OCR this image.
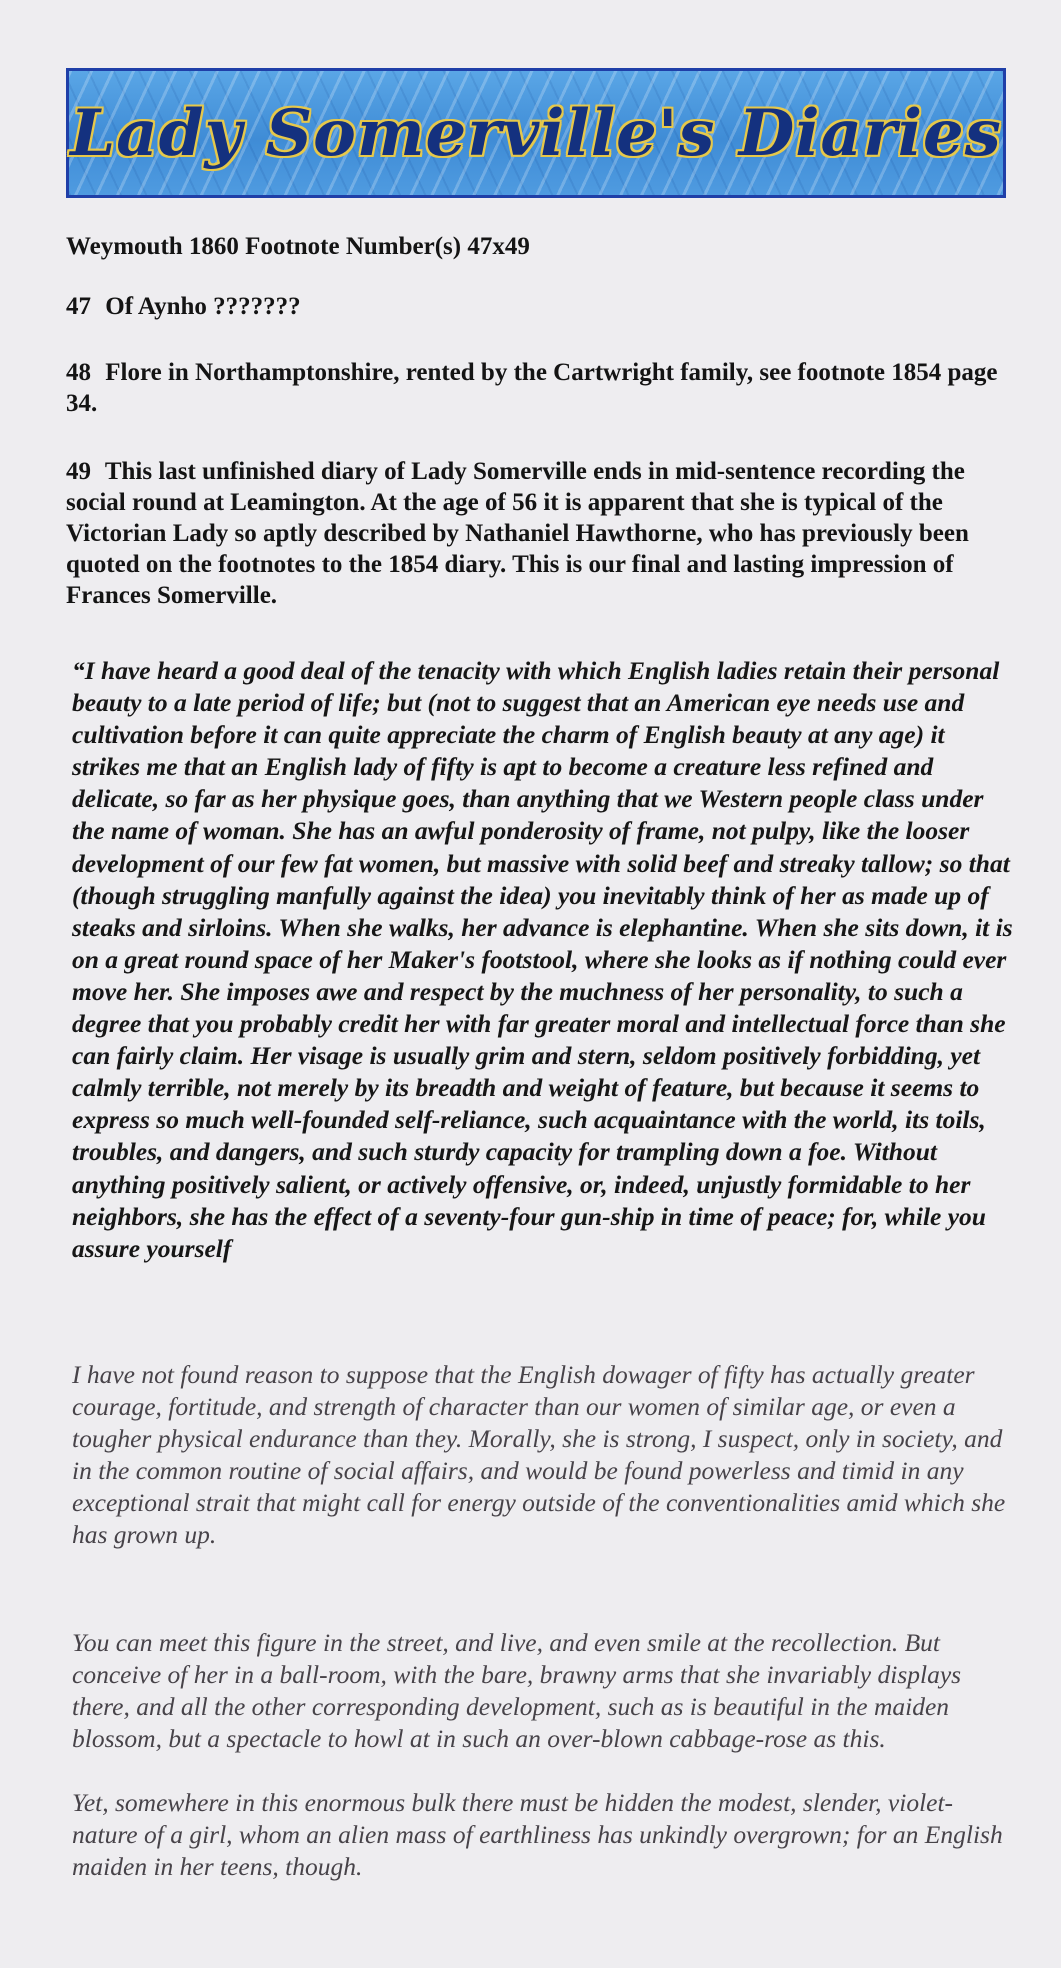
Lady Somerville's Diaries
Weymouth 1860 Footnote Number(s) 47x49
47 Of Aynho ???????
48 Flore in Northamptonshire, rented by the Cartwright family, see footnote 1854 page 34.
49 This last unfinished diary of Lady Somerville ends in mid-sentence recording the social round at Leamington. At the age of 56 it is apparent that she is typical of the Victorian Lady so aptly described by Nathaniel Hawthorne, who has previously been quoted on the footnotes to the 1854 diary. This is our final and lasting impression of Frances Somerville.

“I have heard a good deal of the tenacity with which English ladies retain their personal beauty to a late period of life; but (not to suggest that an American eye needs use and cultivation before it can quite appreciate the charm of English beauty at any age) it strikes me that an English lady of fifty is apt to become a creature less refined and delicate, so far as her physique goes, than anything that we Western people class under the name of woman. She has an awful ponderosity of frame, not pulpy, like the looser development of our few fat women, but massive with solid beef and streaky tallow; so that (though struggling manfully against the idea) you inevitably think of her as made up of steaks and sirloins. When she walks, her advance is elephantine. When she sits down, it is on a great round space of her Maker's footstool, where she looks as if nothing could ever move her. She imposes awe and respect by the muchness of her personality, to such a degree that you probably credit her with far greater moral and intellectual force than she can fairly claim. Her visage is usually grim and stern, seldom positively forbidding, yet calmly terrible, not merely by its breadth and weight of feature, but because it seems to express so much well-founded self-reliance, such acquaintance with the world, its toils, troubles, and dangers, and such sturdy capacity for trampling down a foe. Without anything positively salient, or actively offensive, or, indeed, unjustly formidable to her neighbors, she has the effect of a seventy-four gun-ship in time of peace; for, while you assure yourself

I have not found reason to suppose that the English dowager of fifty has actually greater courage, fortitude, and strength of character than our women of similar age, or even a tougher physical endurance than they. Morally, she is strong, I suspect, only in society, and in the common routine of social affairs, and would be found powerless and timid in any exceptional strait that might call for energy outside of the conventionalities amid which she has grown up.

You can meet this figure in the street, and live, and even smile at the recollection. But conceive of her in a ball-room, with the bare, brawny arms that she invariably displays there, and all the other corresponding development, such as is beautiful in the maiden blossom, but a spectacle to howl at in such an over-blown cabbage-rose as this.

Yet, somewhere in this enormous bulk there must be hidden the modest, slender, violet-nature of a girl, whom an alien mass of earthliness has unkindly overgrown; for an English maiden in her teens, though.
